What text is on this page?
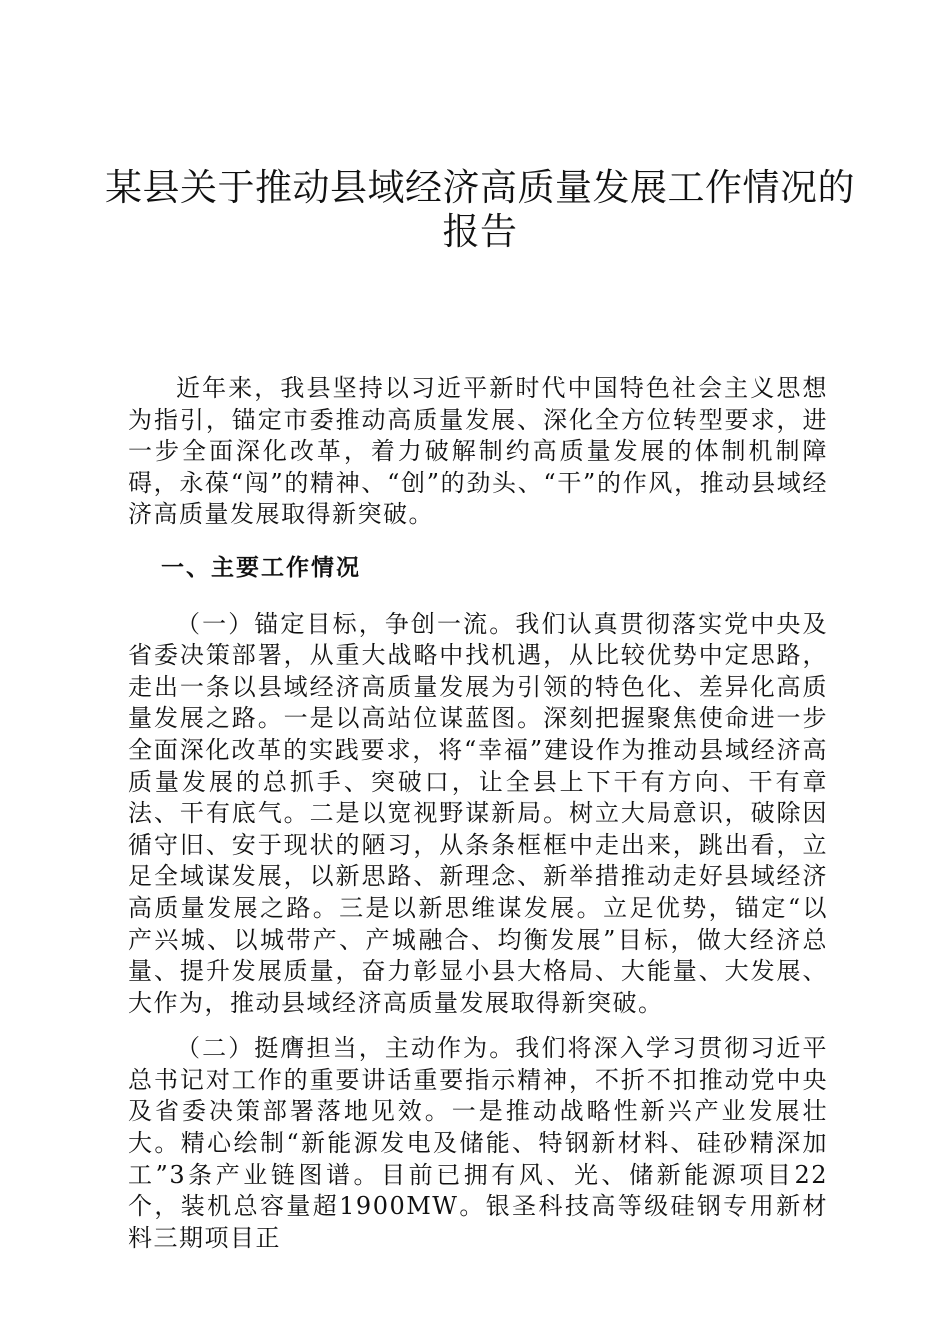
某县关于推动县域经济高质量发展工作情况的
报告

近年来，我县坚持以习近平新时代中国特色社会主义思想为指引，锚定市委推动高质量发展、深化全方位转型要求，进一步全面深化改革，着力破解制约高质量发展的体制机制障碍，永葆“闯”的精神、“创”的劲头、“干”的作风，推动县域经济高质量发展取得新突破。

一、主要工作情况

（一）锚定目标，争创一流。我们认真贯彻落实党中央及省委决策部署，从重大战略中找机遇，从比较优势中定思路，走出一条以县域经济高质量发展为引领的特色化、差异化高质量发展之路。一是以高站位谋蓝图。深刻把握聚焦使命进一步全面深化改革的实践要求，将“幸福”建设作为推动县域经济高质量发展的总抓手、突破口，让全县上下干有方向、干有章法、干有底气。二是以宽视野谋新局。树立大局意识，破除因循守旧、安于现状的陋习，从条条框框中走出来，跳出看，立足全域谋发展，以新思路、新理念、新举措推动走好县域经济高质量发展之路。三是以新思维谋发展。立足优势，锚定“以产兴城、以城带产、产城融合、均衡发展”目标，做大经济总量、提升发展质量，奋力彰显小县大格局、大能量、大发展、大作为，推动县域经济高质量发展取得新突破。

（二）挺膺担当，主动作为。我们将深入学习贯彻习近平总书记对工作的重要讲话重要指示精神，不折不扣推动党中央及省委决策部署落地见效。一是推动战略性新兴产业发展壮大。精心绘制“新能源发电及储能、特钢新材料、硅砂精深加工”3条产业链图谱。目前已拥有风、光、储新能源项目22个，装机总容量超1900MW。银圣科技高等级硅钢专用新材料三期项目正
